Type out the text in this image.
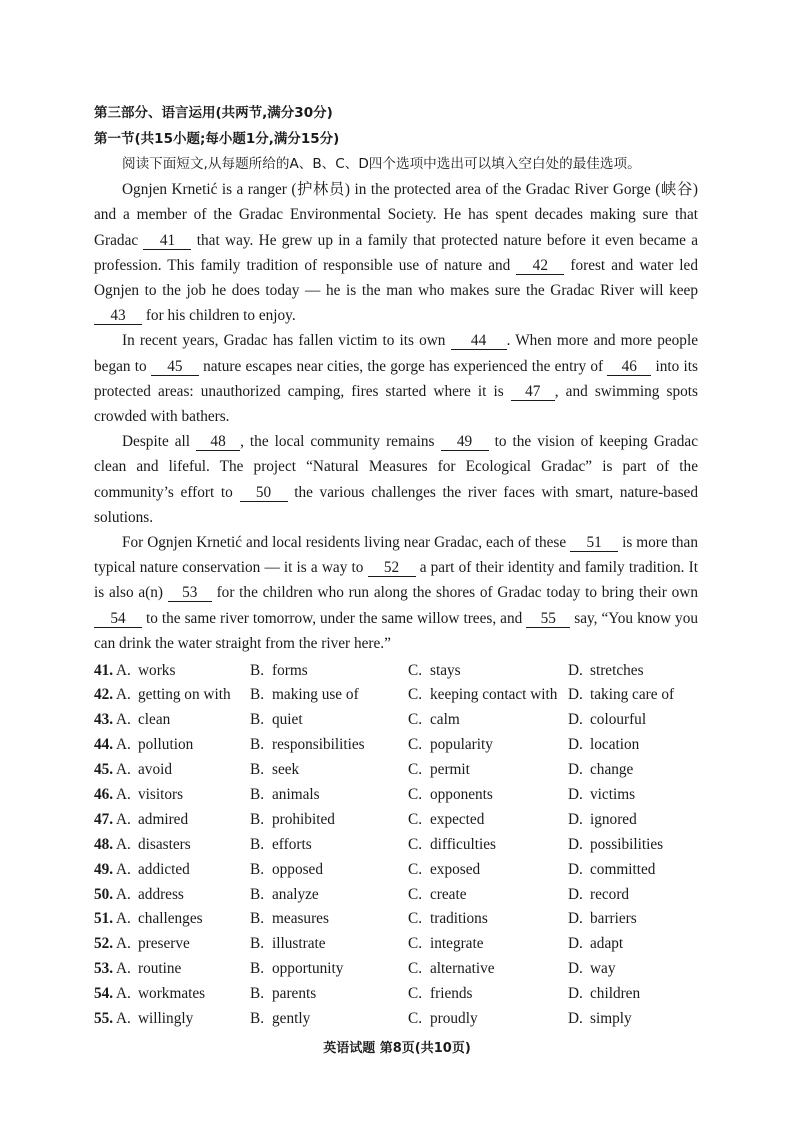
第三部分、语言运用(共两节,满分30分)

第一节(共15小题;每小题1分,满分15分)

阅读下面短文,从每题所给的A、B、C、D四个选项中选出可以填入空白处的最佳选项。

Ognjen Krnetić is a ranger (护林员) in the protected area of the Gradac River Gorge (峡谷) and a member of the Gradac Environmental Society. He has spent decades making sure that Gradac 41 that way. He grew up in a family that protected nature before it even became a profession. This family tradition of responsible use of nature and 42 forest and water led Ognjen to the job he does today — he is the man who makes sure the Gradac River will keep 43 for his children to enjoy.

In recent years, Gradac has fallen victim to its own 44 . When more and more people began to 45 nature escapes near cities, the gorge has experienced the entry of 46 into its protected areas: unauthorized camping, fires started where it is 47 , and swimming spots crowded with bathers.

Despite all 48 , the local community remains 49 to the vision of keeping Gradac clean and lifeful. The project “Natural Measures for Ecological Gradac” is part of the community’s effort to 50 the various challenges the river faces with smart, nature-based solutions.

For Ognjen Krnetić and local residents living near Gradac, each of these 51 is more than typical nature conservation — it is a way to 52 a part of their identity and family tradition. It is also a(n) 53 for the children who run along the shores of Gradac today to bring their own 54 to the same river tomorrow, under the same willow trees, and 55 say, “You know you can drink the water straight from the river here.”

41. A. works	B. forms	C. stays	D. stretches
42. A. getting on with B. making use of	C. keeping contact with D. taking care of
43. A. clean	B. quiet	C. calm	D. colourful
44. A. pollution	B. responsibilities	C. popularity	D. location
45. A. avoid	B. seek	C. permit	D. change
46. A. visitors	B. animals	C. opponents	D. victims
47. A. admired	B. prohibited	C. expected	D. ignored
48. A. disasters	B. efforts	C. difficulties	D. possibilities
49. A. addicted	B. opposed	C. exposed	D. committed
50. A. address	B. analyze	C. create	D. record
51. A. challenges	B. measures	C. traditions	D. barriers
52. A. preserve	B. illustrate	C. integrate	D. adapt
53. A. routine	B. opportunity	C. alternative	D. way
54. A. workmates	B. parents	C. friends	D. children
55. A. willingly	B. gently	C. proudly	D. simply
英语试题 第8页(共10页)
